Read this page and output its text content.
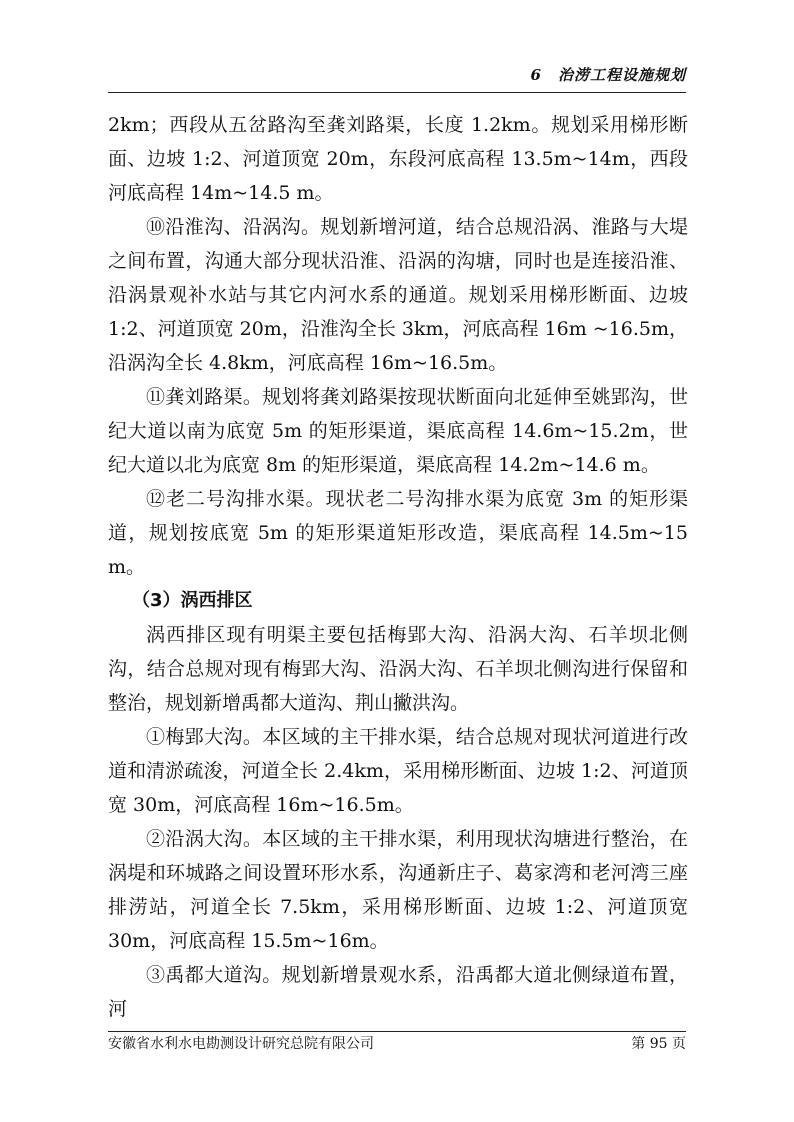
6　治涝工程设施规划

2km；西段从五岔路沟至龚刘路渠，长度 1.2km。规划采用梯形断面、边坡 1:2、河道顶宽 20m，东段河底高程 13.5m~14m，西段河底高程 14m~14.5 m。

⑩沿淮沟、沿涡沟。规划新增河道，结合总规沿涡、淮路与大堤之间布置，沟通大部分现状沿淮、沿涡的沟塘，同时也是连接沿淮、沿涡景观补水站与其它内河水系的通道。规划采用梯形断面、边坡 1:2、河道顶宽 20m，沿淮沟全长 3km，河底高程 16m ~16.5m，沿涡沟全长 4.8km，河底高程 16m~16.5m。

⑪龚刘路渠。规划将龚刘路渠按现状断面向北延伸至姚郢沟，世纪大道以南为底宽 5m 的矩形渠道，渠底高程 14.6m~15.2m，世纪大道以北为底宽 8m 的矩形渠道，渠底高程 14.2m~14.6 m。

⑫老二号沟排水渠。现状老二号沟排水渠为底宽 3m 的矩形渠道，规划按底宽 5m 的矩形渠道矩形改造，渠底高程 14.5m~15 m。

（3）涡西排区

涡西排区现有明渠主要包括梅郢大沟、沿涡大沟、石羊坝北侧沟，结合总规对现有梅郢大沟、沿涡大沟、石羊坝北侧沟进行保留和整治，规划新增禹都大道沟、荆山撇洪沟。

①梅郢大沟。本区域的主干排水渠，结合总规对现状河道进行改道和清淤疏浚，河道全长 2.4km，采用梯形断面、边坡 1:2、河道顶宽 30m，河底高程 16m~16.5m。

②沿涡大沟。本区域的主干排水渠，利用现状沟塘进行整治，在涡堤和环城路之间设置环形水系，沟通新庄子、葛家湾和老河湾三座排涝站，河道全长 7.5km，采用梯形断面、边坡 1:2、河道顶宽 30m，河底高程 15.5m~16m。

③禹都大道沟。规划新增景观水系，沿禹都大道北侧绿道布置，河

安徽省水利水电勘测设计研究总院有限公司	第 95 页
